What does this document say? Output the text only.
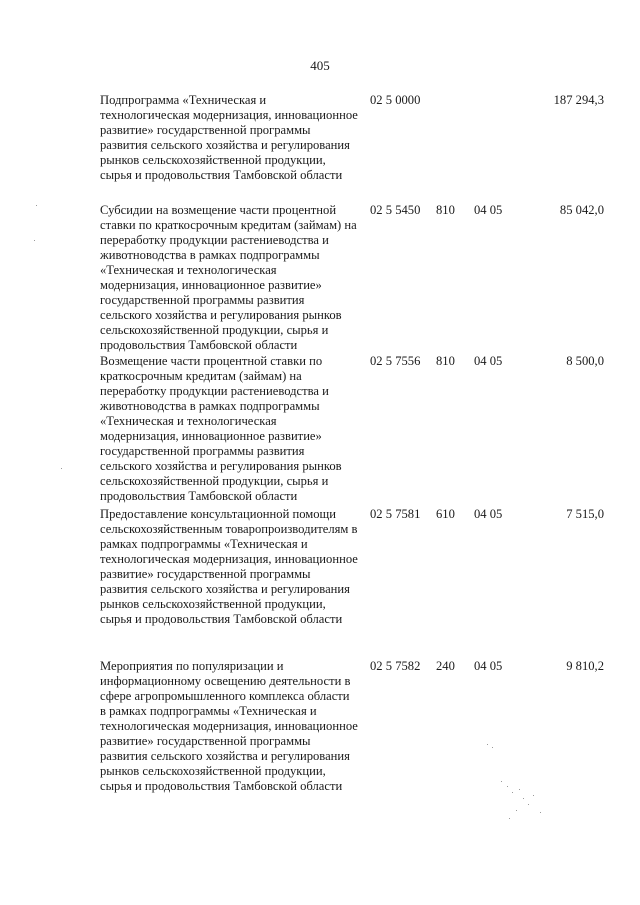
405
Подпрограмма «Техническая и технологическая модернизация, инновационное развитие» государственной программы развития сельского хозяйства и регулирования рынков сельскохозяйственной продукции, сырья и продовольствия Тамбовской области
02 5 0000	187 294,3
Субсидии на возмещение части процентной ставки по краткосрочным кредитам (займам) на переработку продукции растениеводства и животноводства в рамках подпрограммы «Техническая и технологическая модернизация, инновационное развитие» государственной программы развития сельского хозяйства и регулирования рынков сельскохозяйственной продукции, сырья и продовольствия Тамбовской области
02 5 5450 810 04 05	85 042,0
Возмещение части процентной ставки по краткосрочным кредитам (займам) на переработку продукции растениеводства и животноводства в рамках подпрограммы «Техническая и технологическая модернизация, инновационное развитие» государственной программы развития сельского хозяйства и регулирования рынков сельскохозяйственной продукции, сырья и продовольствия Тамбовской области
02 5 7556 810 04 05	8 500,0
Предоставление консультационной помощи сельскохозяйственным товаропроизводителям в рамках подпрограммы «Техническая и технологическая модернизация, инновационное развитие» государственной программы развития сельского хозяйства и регулирования рынков сельскохозяйственной продукции, сырья и продовольствия Тамбовской области
02 5 7581 610 04 05	7 515,0
Мероприятия по популяризации и информационному освещению деятельности в сфере агропромышленного комплекса области в рамках подпрограммы «Техническая и технологическая модернизация, инновационное развитие» государственной программы развития сельского хозяйства и регулирования рынков сельскохозяйственной продукции, сырья и продовольствия Тамбовской области
02 5 7582 240 04 05	9 810,2
